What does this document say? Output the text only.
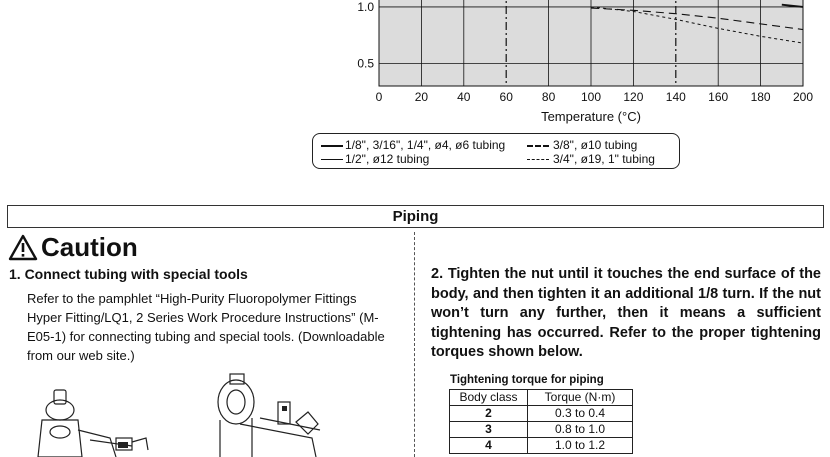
1.0
0.5
0	20 40 60 80 100 120 140 160 180 200
Temperature (°C)
1/8", 3/16", 1/4", ø4, ø6 tubing
1/2", ø12 tubing
3/8", ø10 tubing
3/4", ø19, 1" tubing
Piping
Caution
1. Connect tubing with special tools
Refer to the pamphlet “High-Purity Fluoropolymer Fittings Hyper Fitting/LQ1, 2 Series Work Procedure Instructions” (M-E05-1) for connecting tubing and special tools. (Downloadable from our web site.)
2. Tighten the nut until it touches the end surface of the body, and then tighten it an additional 1/8 turn. If the nut won’t turn any further, then it means a sufficient tightening has occurred. Refer to the proper tightening torques shown below.
Tightening torque for piping
Body class	Torque (N·m)
2	0.3 to 0.4
3	0.8 to 1.0
4	1.0 to 1.2
